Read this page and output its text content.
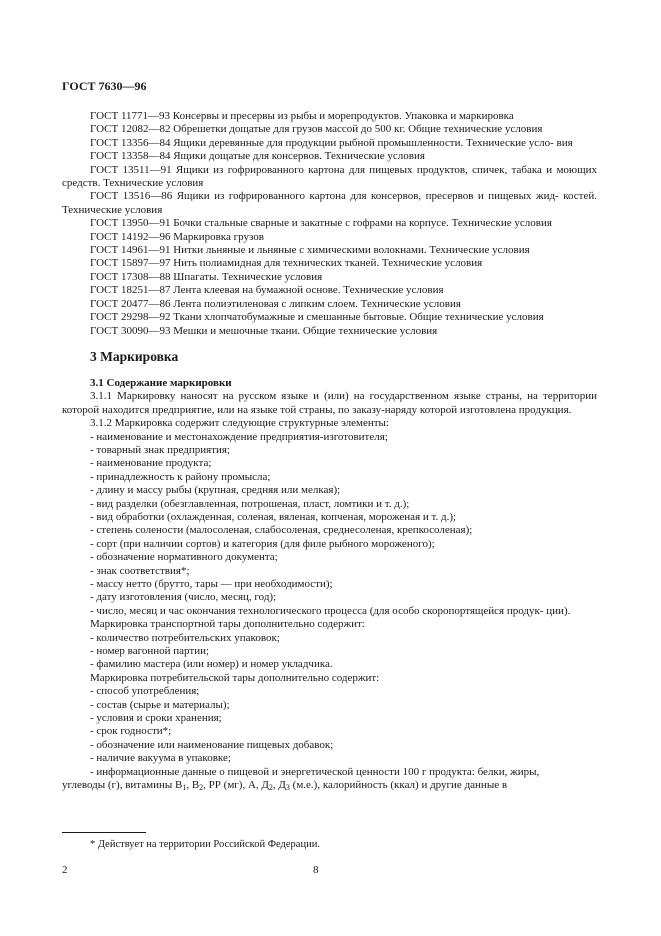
ГОСТ 7630—96
ГОСТ 11771—93 Консервы и пресервы из рыбы и морепродуктов. Упаковка и маркировка
ГОСТ 12082—82 Обрешетки дощатые для грузов массой до 500 кг. Общие технические условия
ГОСТ 13356—84 Ящики деревянные для продукции рыбной промышленности. Технические усло- вия
ГОСТ 13358—84 Ящики дощатые для консервов. Технические условия
ГОСТ 13511—91 Ящики из гофрированного картона для пищевых продуктов, спичек, табака и моющих средств. Технические условия
ГОСТ 13516—86 Ящики из гофрированного картона для консервов, пресервов и пищевых жид- костей. Технические условия
ГОСТ 13950—91 Бочки стальные сварные и закатные с гофрами на корпусе. Технические условия
ГОСТ 14192—96 Маркировка грузов
ГОСТ 14961—91 Нитки льняные и льняные с химическими волокнами. Технические условия
ГОСТ 15897—97 Нить полиамидная для технических тканей. Технические условия
ГОСТ 17308—88 Шпагаты. Технические условия
ГОСТ 18251—87 Лента клеевая на бумажной основе. Технические условия
ГОСТ 20477—86 Лента полиэтиленовая с липким слоем. Технические условия
ГОСТ 29298—92 Ткани хлопчатобумажные и смешанные бытовые. Общие технические условия
ГОСТ 30090—93 Мешки и мешочные ткани. Общие технические условия
3 Маркировка
3.1 Содержание маркировки
3.1.1 Маркировку наносят на русском языке и (или) на государственном языке страны, на территории которой находится предприятие, или на языке той страны, по заказу-наряду которой изготовлена продукция.
3.1.2 Маркировка содержит следующие структурные элементы:
- наименование и местонахождение предприятия-изготовителя;
- товарный знак предприятия;
- наименование продукта;
- принадлежность к району промысла;
- длину и массу рыбы (крупная, средняя или мелкая);
- вид разделки (обезглавленная, потрошеная, пласт, ломтики и т. д.);
- вид обработки (охлажденная, соленая, вяленая, копченая, мороженая и т. д.);
- степень солености (малосоленая, слабосоленая, среднесоленая, крепкосоленая);
- сорт (при наличии сортов) и категория (для филе рыбного мороженого);
- обозначение нормативного документа;
- знак соответствия*;
- массу нетто (брутто, тары — при необходимости);
- дату изготовления (число, месяц, год);
- число, месяц и час окончания технологического процесса (для особо скоропортящейся продук- ции).
Маркировка транспортной тары дополнительно содержит:
- количество потребительских упаковок;
- номер вагонной партии;
- фамилию мастера (или номер) и номер укладчика.
Маркировка потребительской тары дополнительно содержит:
- способ употребления;
- состав (сырье и материалы);
- условия и сроки хранения;
- срок годности*;
- обозначение или наименование пищевых добавок;
- наличие вакуума в упаковке;
- информационные данные о пищевой и энергетической ценности 100 г продукта: белки, жиры,
углеводы (г), витамины $В_1$, $В_2$, РР (мг), А, $Д_2$, $Д_3$ (м.е.), калорийность (ккал) и другие данные в
* Действует на территории Российской Федерации.
2	8
